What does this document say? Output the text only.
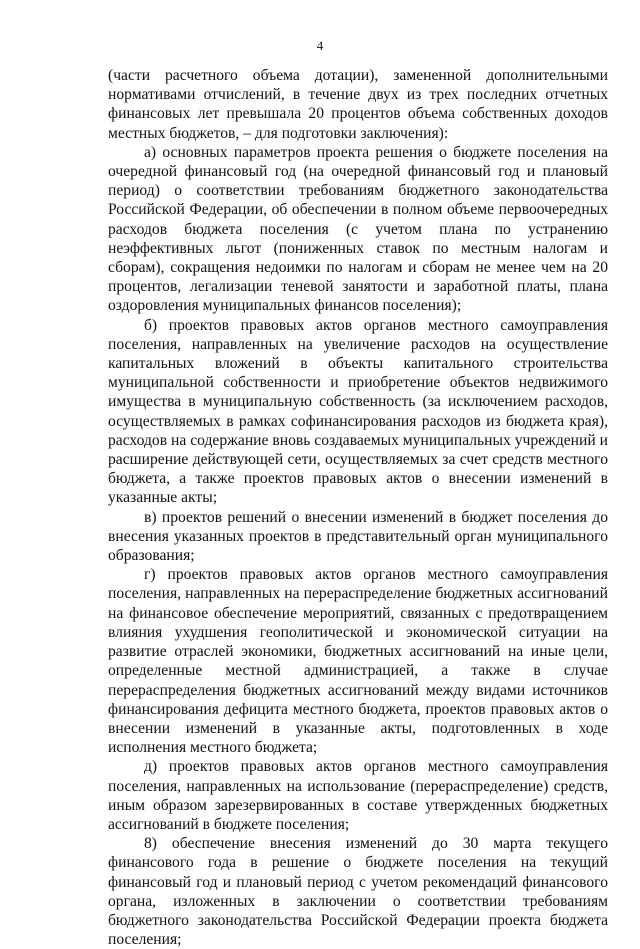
4

(части расчетного объема дотации), замененной дополнительными нормативами отчислений, в течение двух из трех последних отчетных финансовых лет превышала 20 процентов объема собственных доходов местных бюджетов, – для подготовки заключения):

а) основных параметров проекта решения о бюджете поселения на очередной финансовый год (на очередной финансовый год и плановый период) о соответствии требованиям бюджетного законодательства Российской Федерации, об обеспечении в полном объеме первоочередных расходов бюджета поселения (с учетом плана по устранению неэффективных льгот (пониженных ставок по местным налогам и сборам), сокращения недоимки по налогам и сборам не менее чем на 20 процентов, легализации теневой занятости и заработной платы, плана оздоровления муниципальных финансов поселения);

б) проектов правовых актов органов местного самоуправления поселения, направленных на увеличение расходов на осуществление капитальных вложений в объекты капитального строительства муниципальной собственности и приобретение объектов недвижимого имущества в муниципальную собственность (за исключением расходов, осуществляемых в рамках софинансирования расходов из бюджета края), расходов на содержание вновь создаваемых муниципальных учреждений и расширение действующей сети, осуществляемых за счет средств местного бюджета, а также проектов правовых актов о внесении изменений в указанные акты;

в) проектов решений о внесении изменений в бюджет поселения до внесения указанных проектов в представительный орган муниципального образования;

г) проектов правовых актов органов местного самоуправления поселения, направленных на перераспределение бюджетных ассигнований на финансовое обеспечение мероприятий, связанных с предотвращением влияния ухудшения геополитической и экономической ситуации на развитие отраслей экономики, бюджетных ассигнований на иные цели, определенные местной администрацией, а также в случае перераспределения бюджетных ассигнований между видами источников финансирования дефицита местного бюджета, проектов правовых актов о внесении изменений в указанные акты, подготовленных в ходе исполнения местного бюджета;

д) проектов правовых актов органов местного самоуправления поселения, направленных на использование (перераспределение) средств, иным образом зарезервированных в составе утвержденных бюджетных ассигнований в бюджете поселения;

8) обеспечение внесения изменений до 30 марта текущего финансового года в решение о бюджете поселения на текущий финансовый год и плановый период с учетом рекомендаций финансового органа, изложенных в заключении о соответствии требованиям бюджетного законодательства Российской Федерации проекта бюджета поселения;
